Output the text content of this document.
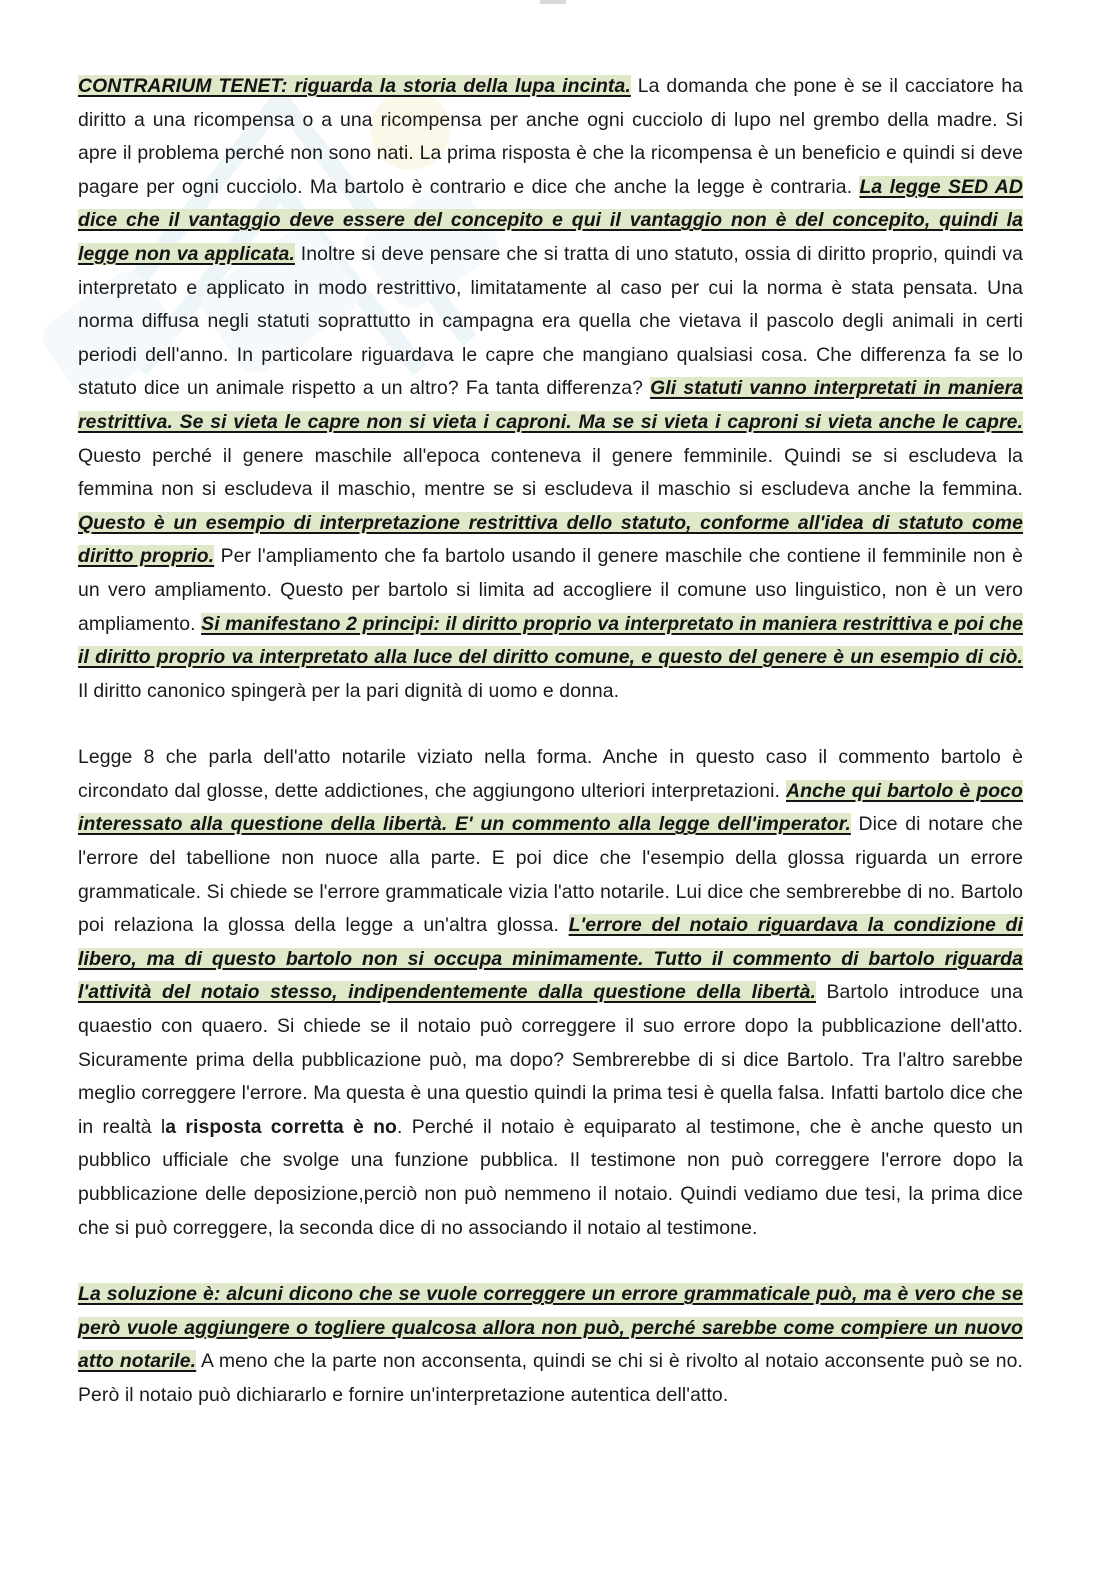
CONTRARIUM TENET: riguarda la storia della lupa incinta. La domanda che pone è se il cacciatore ha diritto a una ricompensa o a una ricompensa per anche ogni cucciolo di lupo nel grembo della madre. Si apre il problema perché non sono nati. La prima risposta è che la ricompensa è un beneficio e quindi si deve pagare per ogni cucciolo. Ma bartolo è contrario e dice che anche la legge è contraria. La legge SED AD dice che il vantaggio deve essere del concepito e qui il vantaggio non è del concepito, quindi la legge non va applicata. Inoltre si deve pensare che si tratta di uno statuto, ossia di diritto proprio, quindi va interpretato e applicato in modo restrittivo, limitatamente al caso per cui la norma è stata pensata. Una norma diffusa negli statuti soprattutto in campagna era quella che vietava il pascolo degli animali in certi periodi dell'anno. In particolare riguardava le capre che mangiano qualsiasi cosa. Che differenza fa se lo statuto dice un animale rispetto a un altro? Fa tanta differenza? Gli statuti vanno interpretati in maniera restrittiva. Se si vieta le capre non si vieta i caproni. Ma se si vieta i caproni si vieta anche le capre. Questo perché il genere maschile all'epoca conteneva il genere femminile. Quindi se si escludeva la femmina non si escludeva il maschio, mentre se si escludeva il maschio si escludeva anche la femmina. Questo è un esempio di interpretazione restrittiva dello statuto, conforme all'idea di statuto come diritto proprio. Per l'ampliamento che fa bartolo usando il genere maschile che contiene il femminile non è un vero ampliamento. Questo per bartolo si limita ad accogliere il comune uso linguistico, non è un vero ampliamento. Si manifestano 2 principi: il diritto proprio va interpretato in maniera restrittiva e poi che il diritto proprio va interpretato alla luce del diritto comune, e questo del genere è un esempio di ciò. Il diritto canonico spingerà per la pari dignità di uomo e donna.

Legge 8 che parla dell'atto notarile viziato nella forma. Anche in questo caso il commento bartolo è circondato dal glosse, dette addictiones, che aggiungono ulteriori interpretazioni. Anche qui bartolo è poco interessato alla questione della libertà. E' un commento alla legge dell'imperator. Dice di notare che l'errore del tabellione non nuoce alla parte. E poi dice che l'esempio della glossa riguarda un errore grammaticale. Si chiede se l'errore grammaticale vizia l'atto notarile. Lui dice che sembrerebbe di no. Bartolo poi relaziona la glossa della legge a un'altra glossa. L'errore del notaio riguardava la condizione di libero, ma di questo bartolo non si occupa minimamente. Tutto il commento di bartolo riguarda l'attività del notaio stesso, indipendentemente dalla questione della libertà. Bartolo introduce una quaestio con quaero. Si chiede se il notaio può correggere il suo errore dopo la pubblicazione dell'atto. Sicuramente prima della pubblicazione può, ma dopo? Sembrerebbe di si dice Bartolo. Tra l'altro sarebbe meglio correggere l'errore. Ma questa è una questio quindi la prima tesi è quella falsa. Infatti bartolo dice che in realtà la risposta corretta è no. Perché il notaio è equiparato al testimone, che è anche questo un pubblico ufficiale che svolge una funzione pubblica. Il testimone non può correggere l'errore dopo la pubblicazione delle deposizione,perciò non può nemmeno il notaio. Quindi vediamo due tesi, la prima dice che si può correggere, la seconda dice di no associando il notaio al testimone.

La soluzione è: alcuni dicono che se vuole correggere un errore grammaticale può, ma è vero che se però vuole aggiungere o togliere qualcosa allora non può, perché sarebbe come compiere un nuovo atto notarile. A meno che la parte non acconsenta, quindi se chi si è rivolto al notaio acconsente può se no. Però il notaio può dichiararlo e fornire un'interpretazione autentica dell'atto.
